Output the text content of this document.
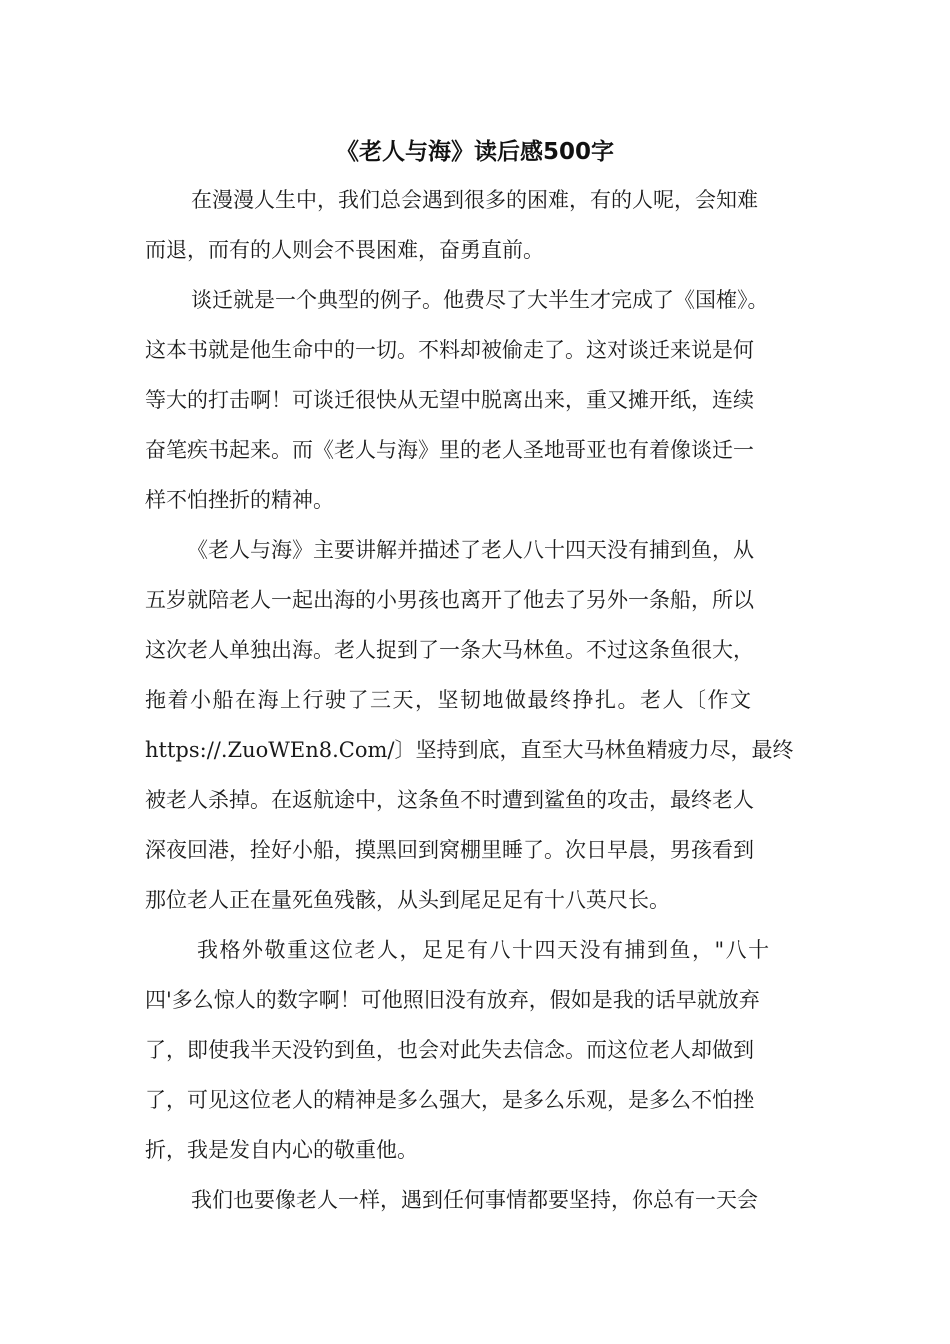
《老人与海》读后感500字

在漫漫人生中，我们总会遇到很多的困难，有的人呢，会知难

而退，而有的人则会不畏困难，奋勇直前。

谈迁就是一个典型的例子。他费尽了大半生才完成了《国榷》。

这本书就是他生命中的一切。不料却被偷走了。这对谈迁来说是何

等大的打击啊！可谈迁很快从无望中脱离出来，重又摊开纸，连续

奋笔疾书起来。而《老人与海》里的老人圣地哥亚也有着像谈迁一

样不怕挫折的精神。

《老人与海》主要讲解并描述了老人八十四天没有捕到鱼，从

五岁就陪老人一起出海的小男孩也离开了他去了另外一条船，所以

这次老人单独出海。老人捉到了一条大马林鱼。不过这条鱼很大，

拖着小船在海上行驶了三天，坚韧地做最终挣扎。老人〔作文

https://.ZuoWEn8.Com/〕坚持到底，直至大马林鱼精疲力尽，最终

被老人杀掉。在返航途中，这条鱼不时遭到鲨鱼的攻击，最终老人

深夜回港，拴好小船，摸黑回到窝棚里睡了。次日早晨，男孩看到

那位老人正在量死鱼残骸，从头到尾足足有十八英尺长。

我格外敬重这位老人，足足有八十四天没有捕到鱼，"八十

四'多么惊人的数字啊！可他照旧没有放弃，假如是我的话早就放弃

了，即使我半天没钓到鱼，也会对此失去信念。而这位老人却做到

了，可见这位老人的精神是多么强大，是多么乐观，是多么不怕挫

折，我是发自内心的敬重他。

我们也要像老人一样，遇到任何事情都要坚持，你总有一天会
